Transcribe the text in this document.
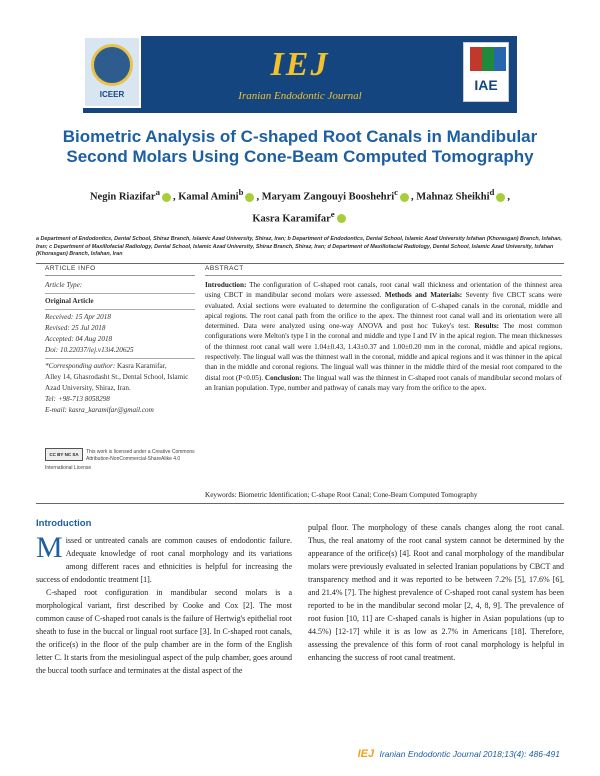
ICEER
IEJ
Iranian Endodontic Journal
IAE
Biometric Analysis of C-shaped Root Canals in Mandibular Second Molars Using Cone-Beam Computed Tomography
Negin Riazifar$^a$ , Kamal Amini$^b$ , Maryam Zangouyi Booshehri$^c$ , Mahnaz Sheikhi$^d$ ,
Kasra Karamifar$^e$
a Department of Endodontics, Dental School, Shiraz Branch, Islamic Azad University, Shiraz, Iran; b Department of Endodontics, Dental School, Islamic Azad University Isfahan (Khorasgan) Branch, Isfahan, Iran; c Department of Maxillofacial Radiology, Dental School, Islamic Azad University, Shiraz Branch, Shiraz, Iran; d Department of Maxillofacial Radiology, Dental School, Islamic Azad University, Isfahan (Khorasgan) Branch, Isfahan, Iran
ARTICLE INFO	ABSTRACT
Article Type:
Original Article
Received: 15 Apr 2018
Revised: 25 Jul 2018
Accepted: 04 Aug 2018
Doi: 10.22037/iej.v13i4.20625
*Corresponding author: Kasra Karamifar,
Alley 14, Ghasrodasht St., Dental School, Islamic Azad University, Shiraz, Iran.
Tel: +98-713 8058298
E-mail: kasra_karamifar@gmail.com
CC BY NC SA	This work is licensed under a Creative Commons Attribution-NonCommercial-ShareAlike 4.0
International License
Introduction: The configuration of C-shaped root canals, root canal wall thickness and orientation of the thinnest area using CBCT in mandibular second molars were assessed. Methods and Materials: Seventy five CBCT scans were evaluated. Axial sections were evaluated to determine the configuration of C-shaped canals in the coronal, middle and apical regions. The root canal path from the orifice to the apex. The thinnest root canal wall and its orientation were all determined. Data were analyzed using one-way ANOVA and post hoc Tukey's test. Results: The most common configurations were Melton's type I in the coronal and middle and type I and IV in the apical region. The mean thicknesses of the thinnest root canal wall were 1.04±0.43, 1.43±0.37 and 1.00±0.20 mm in the coronal, middle and apical regions, respectively. The lingual wall was the thinnest wall in the coronal, middle and apical regions and it was thinner in the apical than in the middle and coronal regions. The lingual wall was thinner in the middle third of the mesial root compared to the distal root (P<0.05). Conclusion: The lingual wall was the thinnest in C-shaped root canals of mandibular second molars of an Iranian population. Type, number and pathway of canals may vary from the orifice to the apex.
Keywords: Biometric Identification; C-shape Root Canal; Cone-Beam Computed Tomography
Introduction
Missed or untreated canals are common causes of endodontic failure. Adequate knowledge of root canal morphology and its variations among different races and ethnicities is helpful for increasing the success of endodontic treatment [1].

C-shaped root configuration in mandibular second molars is a morphological variant, first described by Cooke and Cox [2]. The most common cause of C-shaped root canals is the failure of Hertwig's epithelial root sheath to fuse in the buccal or lingual root surface [3]. In C-shaped root canals, the orifice(s) in the floor of the pulp chamber are in the form of the English letter C. It starts from the mesiolingual aspect of the pulp chamber, goes around the buccal tooth surface and terminates at the distal aspect of the

pulpal floor. The morphology of these canals changes along the root canal. Thus, the real anatomy of the root canal system cannot be determined by the appearance of the orifice(s) [4]. Root and canal morphology of the mandibular molars were previously evaluated in selected Iranian populations by CBCT and transparency method and it was reported to be between 7.2% [5], 17.6% [6], and 21.4% [7]. The highest prevalence of C-shaped root canal system has been reported to be in the mandibular second molar [2, 4, 8, 9]. The prevalence of root fusion [10, 11] are C-shaped canals is higher in Asian populations (up to 44.5%) [12-17] while it is as low as 2.7% in Americans [18]. Therefore, assessing the prevalence of this form of root canal morphology is helpful in enhancing the success of root canal treatment.
IEJ Iranian Endodontic Journal 2018;13(4): 486-491
